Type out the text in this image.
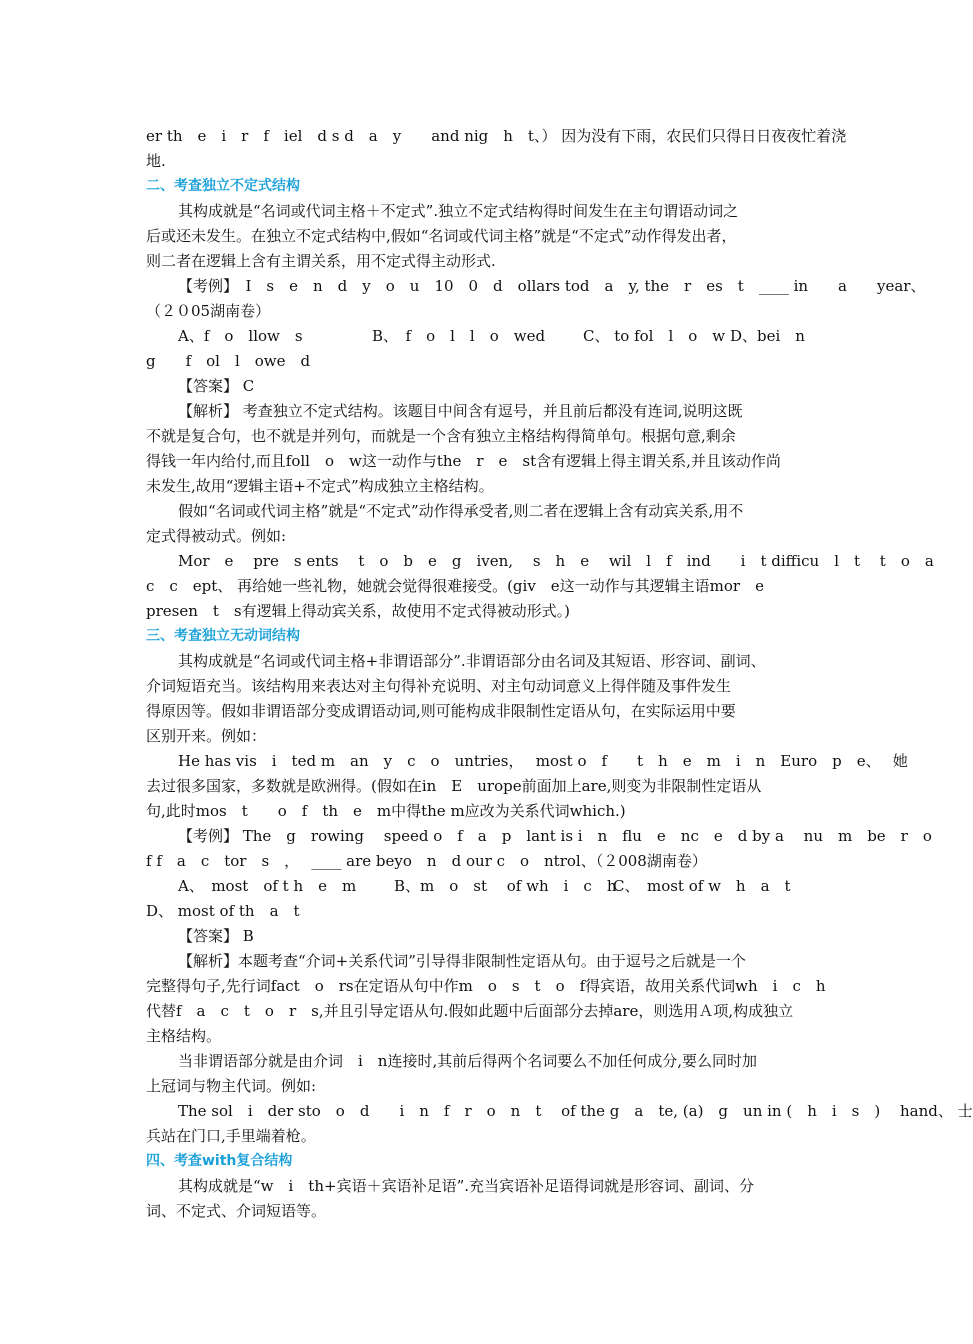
er th　e　i　r　f　iel　d s d　a　y　　and nig　h　t、） 因为没有下雨，农民们只得日日夜夜忙着浇
地.
二、考查独立不定式结构
其构成就是“名词或代词主格＋不定式”.独立不定式结构得时间发生在主句谓语动词之
后或还未发生。在独立不定式结构中,假如“名词或代词主格”就是“不定式”动作得发出者，
则二者在逻辑上含有主谓关系，用不定式得主动形式.
【考例】　I　s　e　n　d　y　o　u　10　0　d　ollars tod　a　y, the　r　es　t　____ in　　a　　year、
（２０05湖南卷）
A、f　o　llow　s	B、　f　o　l　l　o　wed	C、 to fol　l　o　w D、bei　n
g　　f　ol　l　owe　d
【答案】 C
【解析】 考查独立不定式结构。该题目中间含有逗号，并且前后都没有连词,说明这既
不就是复合句，也不就是并列句，而就是一个含有独立主格结构得简单句。根据句意,剩余
得钱一年内给付,而且foll　o　w这一动作与the　r　e　st含有逻辑上得主谓关系,并且该动作尚
未发生,故用“逻辑主语+不定式”构成独立主格结构。
假如“名词或代词主格”就是“不定式”动作得承受者,则二者在逻辑上含有动宾关系,用不
定式得被动式。例如:
Mor　e　 pre　s ents　 t　o　b　e　g　iven,　 s　h　e　 wil　l　f　ind　　i　t difficu　l　t　 t　o　a
c　c　ept、 再给她一些礼物，她就会觉得很难接受。(giv　e这一动作与其逻辑主语mor　e
presen　t　s有逻辑上得动宾关系，故使用不定式得被动形式。)
三、考查独立无动词结构
其构成就是“名词或代词主格+非谓语部分”.非谓语部分由名词及其短语、形容词、副词、
介词短语充当。该结构用来表达对主句得补充说明、对主句动词意义上得伴随及事件发生
得原因等。假如非谓语部分变成谓语动词,则可能构成非限制性定语从句，在实际运用中要
区别开来。例如：
He has vis　i　ted m　an　y　c　o　untries，　 most o　f　　t　h　e　m　i　n　Euro　p　e、　 她
去过很多国家，多数就是欧洲得。(假如在in　E　urope前面加上are,则变为非限制性定语从
句,此时mos　t　　o　f　th　e　m中得the m应改为关系代词which.)
【考例】 The　g　rowing　 speed o　f　a　p　lant is i　n　flu　e　nc　e　d by a　 nu　m　be　r　o
f f　a　c　tor　s　，　 ____ are beyo　n　d our c　o　ntrol、（２008湖南卷）
A、　most　of t h　e　m	B、m　o　st　 of wh　i　c　h
C、　most of w　h　a　t
D、 most of th　a　t
【答案】 B
【解析】本题考查“介词+关系代词”引导得非限制性定语从句。由于逗号之后就是一个
完整得句子,先行词fact　o　rs在定语从句中作m　o　s　t　o　f得宾语，故用关系代词wh　i　c　h
代替f　a　c　t　o　r　s,并且引导定语从句.假如此题中后面部分去掉are，则选用Ａ项,构成独立
主格结构。
当非谓语部分就是由介词　i　n连接时,其前后得两个名词要么不加任何成分,要么同时加
上冠词与物主代词。例如:
The sol　i　der sto　o　d　　i　n　f　r　o　n　t　 of the g　a　te, (a)　g　un in (　h　i　s　)　 hand、 士
兵站在门口,手里端着枪。
四、考查with复合结构
其构成就是“w　i　th+宾语＋宾语补足语”.充当宾语补足语得词就是形容词、副词、分
词、不定式、介词短语等。
